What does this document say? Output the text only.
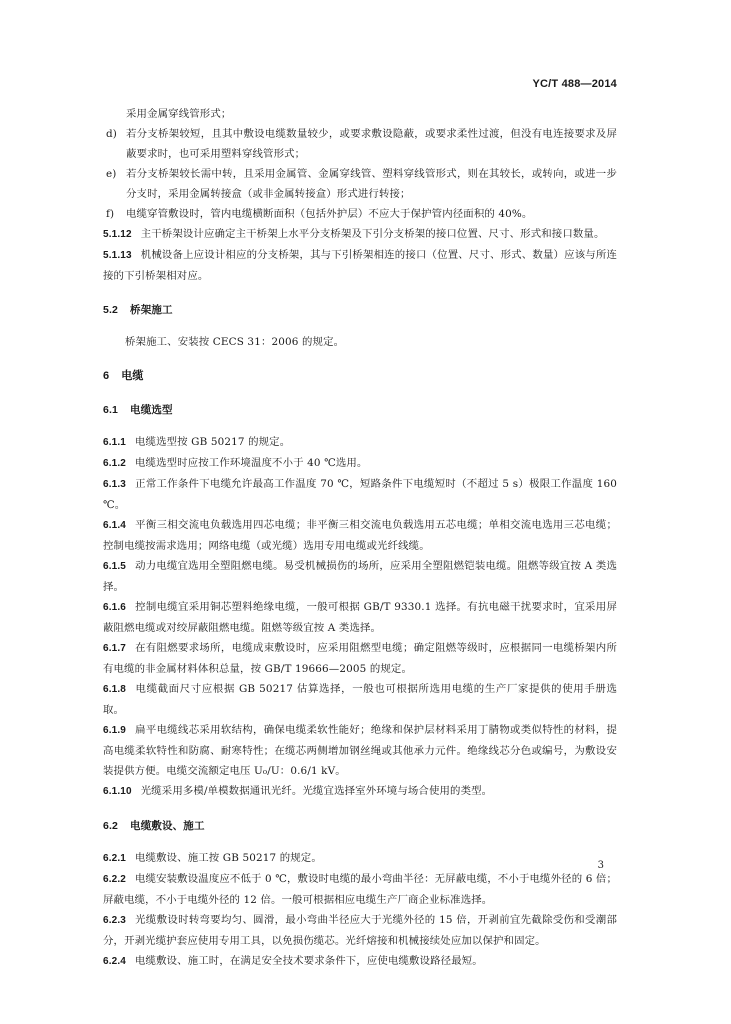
YC/T 488—2014

采用金属穿线管形式；

d) 若分支桥架较短，且其中敷设电缆数量较少，或要求敷设隐蔽，或要求柔性过渡，但没有电连接要求及屏蔽要求时，也可采用塑料穿线管形式；

e) 若分支桥架较长需中转，且采用金属管、金属穿线管、塑料穿线管形式，则在其较长，或转向，或进一步分支时，采用金属转接盒（或非金属转接盒）形式进行转接；

f) 电缆穿管敷设时，管内电缆横断面积（包括外护层）不应大于保护管内径面积的 40%。

5.1.12 主干桥架设计应确定主干桥架上水平分支桥架及下引分支桥架的接口位置、尺寸、形式和接口数量。

5.1.13 机械设备上应设计相应的分支桥架，其与下引桥架相连的接口（位置、尺寸、形式、数量）应该与所连接的下引桥架相对应。

5.2 桥架施工

桥架施工、安装按 CECS 31：2006 的规定。

6 电缆
6.1 电缆选型

6.1.1 电缆选型按 GB 50217 的规定。

6.1.2 电缆选型时应按工作环境温度不小于 40 ℃选用。

6.1.3 正常工作条件下电缆允许最高工作温度 70 ℃，短路条件下电缆短时（不超过 5 s）极限工作温度 160 ℃。

6.1.4 平衡三相交流电负载选用四芯电缆；非平衡三相交流电负载选用五芯电缆；单相交流电选用三芯电缆；控制电缆按需求选用；网络电缆（或光缆）选用专用电缆或光纤线缆。

6.1.5 动力电缆宜选用全塑阻燃电缆。易受机械损伤的场所，应采用全塑阻燃铠装电缆。阻燃等级宜按 A 类选择。

6.1.6 控制电缆宜采用铜芯塑料绝缘电缆，一般可根据 GB/T 9330.1 选择。有抗电磁干扰要求时，宜采用屏蔽阻燃电缆或对绞屏蔽阻燃电缆。阻燃等级宜按 A 类选择。

6.1.7 在有阻燃要求场所，电缆成束敷设时，应采用阻燃型电缆；确定阻燃等级时，应根据同一电缆桥架内所有电缆的非金属材料体积总量，按 GB/T 19666—2005 的规定。

6.1.8 电缆截面尺寸应根据 GB 50217 估算选择，一般也可根据所选用电缆的生产厂家提供的使用手册选取。

6.1.9 扁平电缆线芯采用软结构，确保电缆柔软性能好；绝缘和保护层材料采用丁腈物或类似特性的材料，提高电缆柔软特性和防腐、耐寒特性；在缆芯两侧增加钢丝绳或其他承力元件。绝缘线芯分色或编号，为敷设安装提供方便。电缆交流额定电压 U₀/U：0.6/1 kV。

6.1.10 光缆采用多模/单模数据通讯光纤。光缆宜选择室外环境与场合使用的类型。

6.2 电缆敷设、施工

6.2.1 电缆敷设、施工按 GB 50217 的规定。

6.2.2 电缆安装敷设温度应不低于 0 ℃，敷设时电缆的最小弯曲半径：无屏蔽电缆，不小于电缆外径的 6 倍；屏蔽电缆，不小于电缆外径的 12 倍。一般可根据相应电缆生产厂商企业标准选择。

6.2.3 光缆敷设时转弯要均匀、圆滑，最小弯曲半径应大于光缆外径的 15 倍，开剥前宜先截除受伤和受潮部分，开剥光缆护套应使用专用工具，以免损伤缆芯。光纤熔接和机械接续处应加以保护和固定。

6.2.4 电缆敷设、施工时，在满足安全技术要求条件下，应使电缆敷设路径最短。

3
